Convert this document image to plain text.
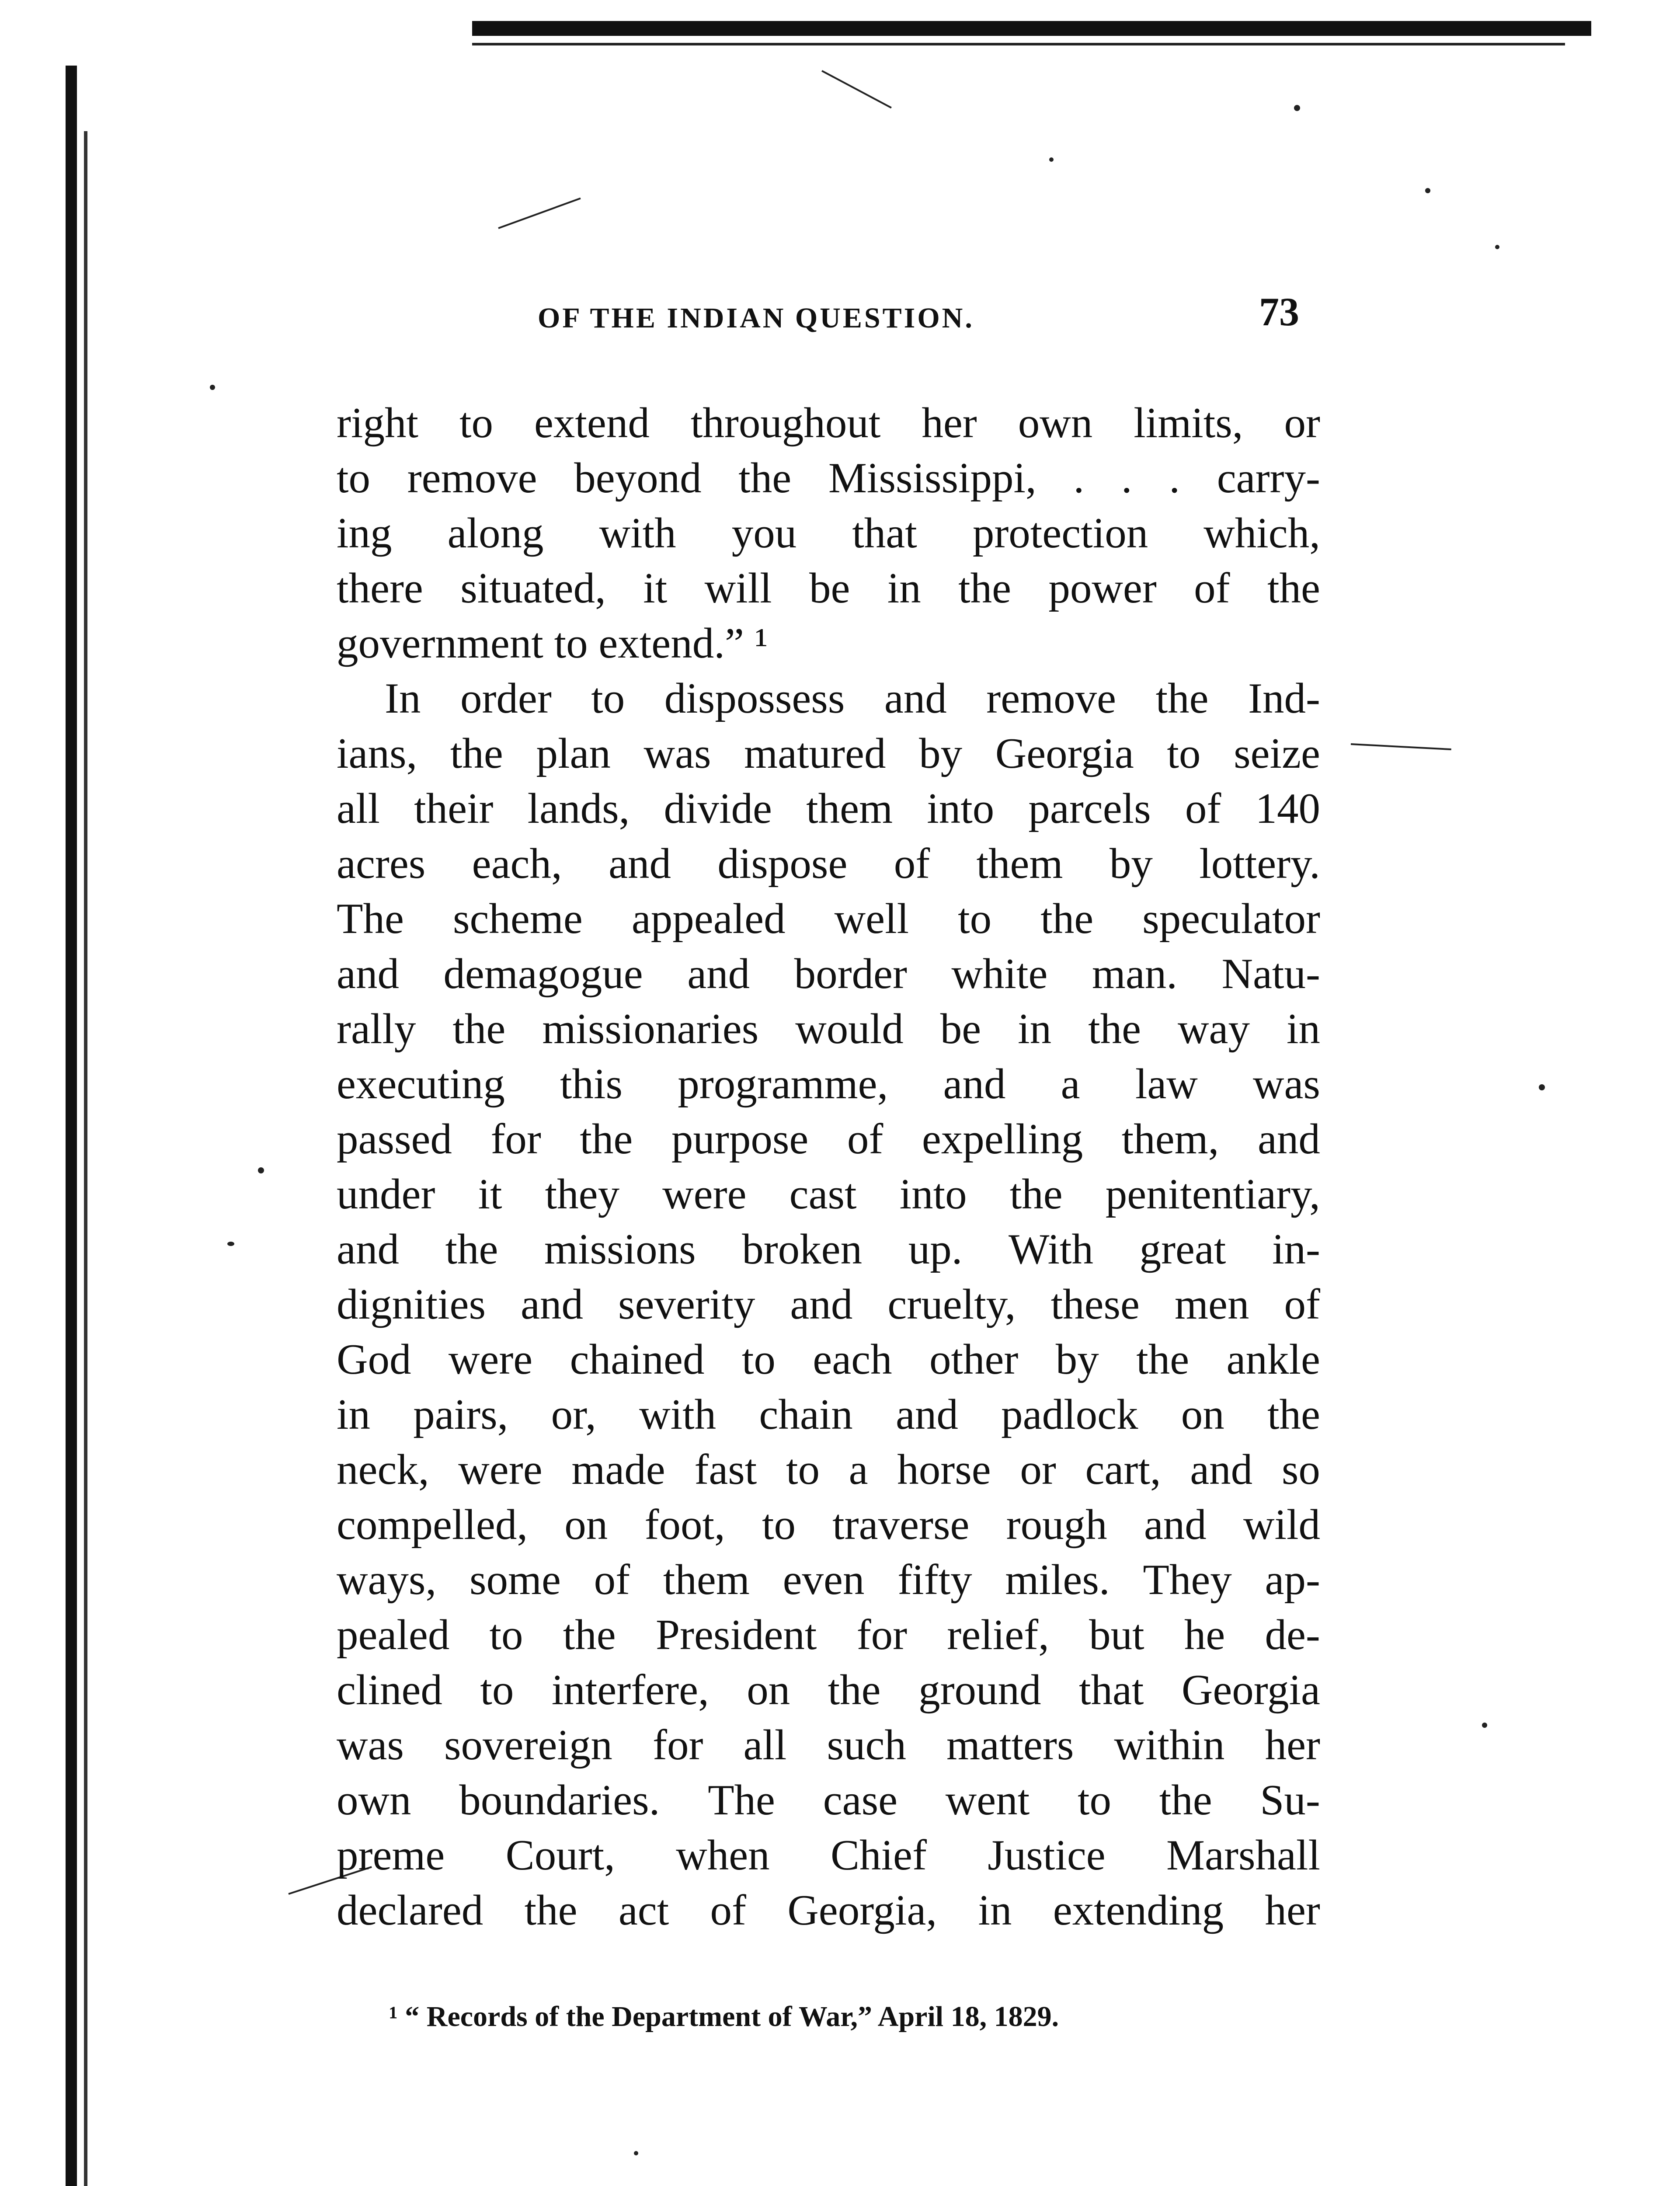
OF THE INDIAN QUESTION.	73
right to extend throughout her own limits, or
to remove beyond the Mississippi, . . . carry-
ing along with you that protection which,
there situated, it will be in the power of the
government to extend.” ¹
In order to dispossess and remove the Ind-
ians, the plan was matured by Georgia to seize
all their lands, divide them into parcels of 140
acres each, and dispose of them by lottery.
The scheme appealed well to the speculator
and demagogue and border white man. Natu-
rally the missionaries would be in the way in
executing this programme, and a law was
passed for the purpose of expelling them, and
under it they were cast into the penitentiary,
and the missions broken up. With great in-
dignities and severity and cruelty, these men of
God were chained to each other by the ankle
in pairs, or, with chain and padlock on the
neck, were made fast to a horse or cart, and so
compelled, on foot, to traverse rough and wild
ways, some of them even fifty miles. They ap-
pealed to the President for relief, but he de-
clined to interfere, on the ground that Georgia
was sovereign for all such matters within her
own boundaries. The case went to the Su-
preme Court, when Chief Justice Marshall
declared the act of Georgia, in extending her
¹ “ Records of the Department of War,” April 18, 1829.
